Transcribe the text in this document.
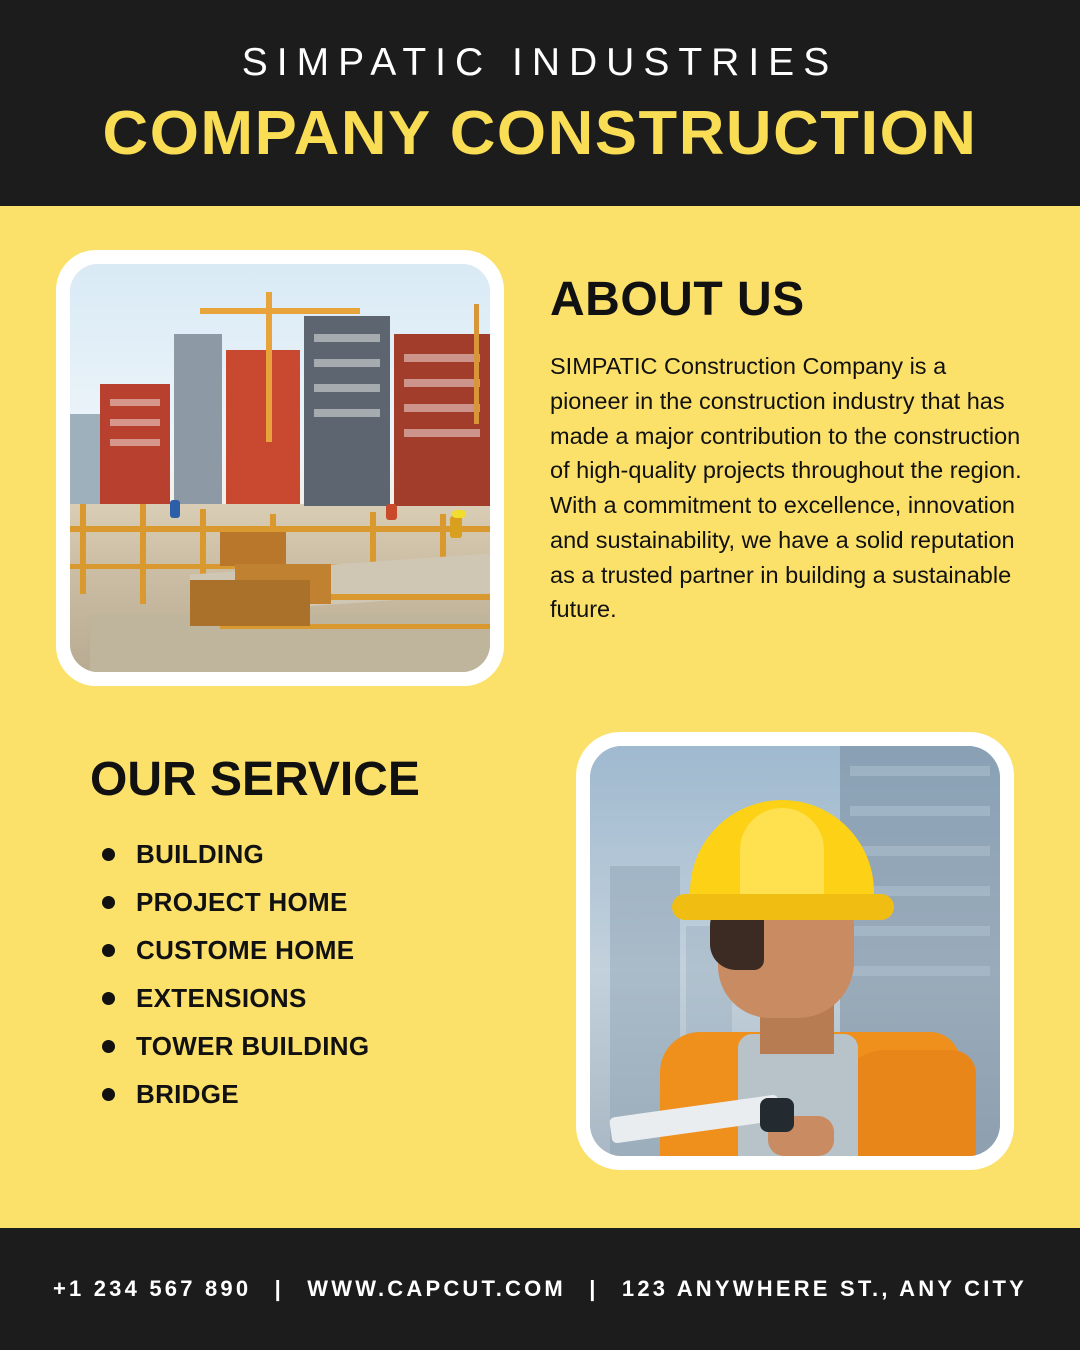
SIMPATIC INDUSTRIES
COMPANY CONSTRUCTION
ABOUT US
SIMPATIC Construction Company is a pioneer in the construction industry that has made a major contribution to the construction of high-quality projects throughout the region. With a commitment to excellence, innovation and sustainability, we have a solid reputation as a trusted partner in building a sustainable future.
OUR SERVICE
BUILDING
PROJECT HOME
CUSTOME HOME
EXTENSIONS
TOWER BUILDING
BRIDGE
+1 234 567 890 | WWW.CAPCUT.COM | 123 ANYWHERE ST., ANY CITY
